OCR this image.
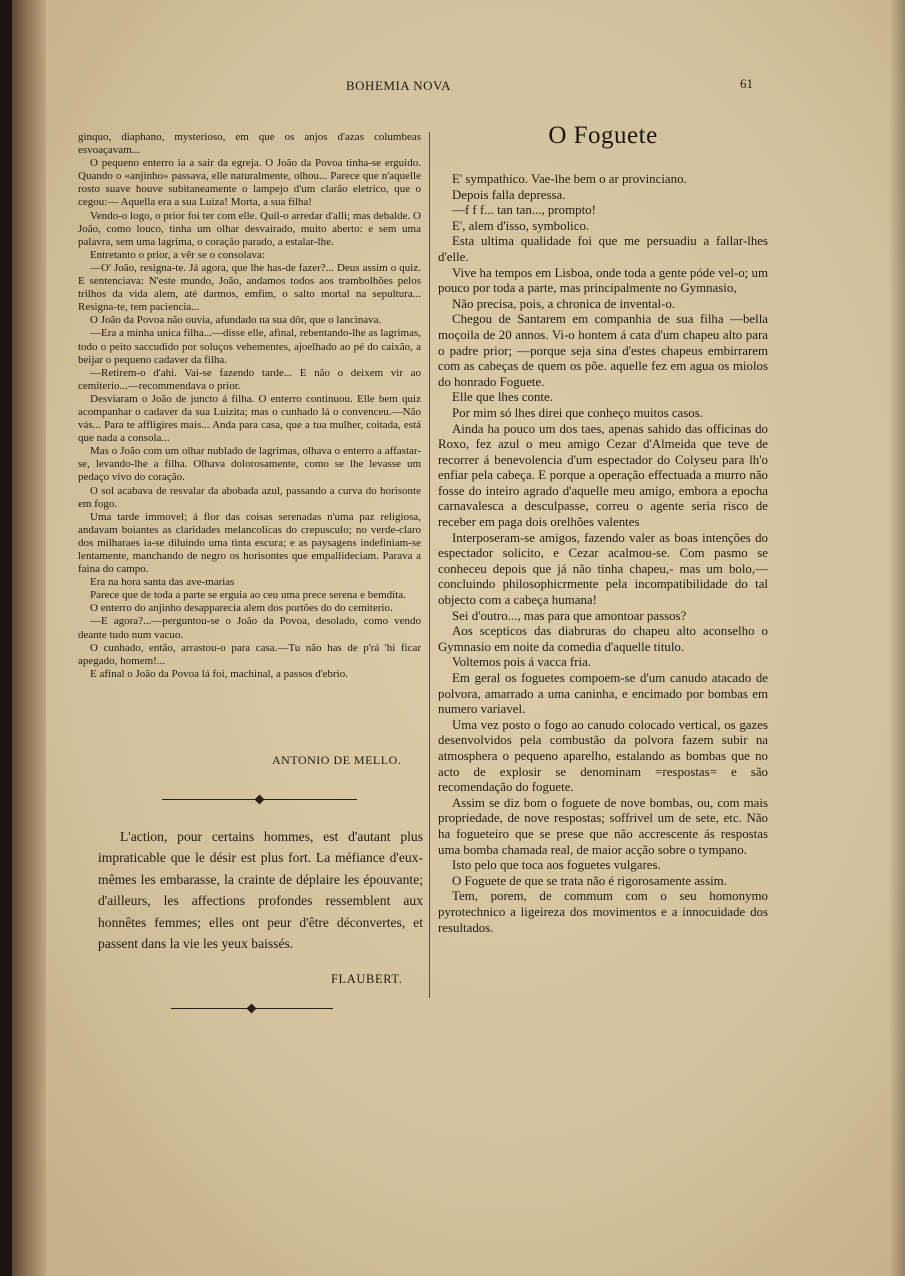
BOHEMIA NOVA	61

ginquo, diaphano, mysterioso, em que os anjos d'azas columbeas esvoaçavam...

O pequeno enterro ia a sair da egreja. O João da Povoa tinha-se erguido. Quando o «anjinho» passava, elle naturalmente, olhou... Parece que n'aquelle rosto suave houve subitaneamente o lampejo d'um clarão eletrico, que o cegou:— Aquella era a sua Luiza! Morta, a sua filha!

Vendo-o logo, o prior foi ter com elle. Quil-o arredar d'alli; mas debalde. O João, como louco, tinha um olhar desvairado, muito aberto: e sem uma palavra, sem uma lagrima, o coração parado, a estalar-lhe.

Entretanto o prior, a vêr se o consolava:

—O' João, resigna-te. Já agora, que lhe has-de fazer?... Deus assim o quiz. E sentenciava: N'este mundo, João, andamos todos aos trambolhões pelos trilhos da vida alem, até darmos, emfim, o salto mortal na sepultura... Resigna-te, tem paciencia...

O João da Povoa não ouvia, afundado na sua dôr, que o lancinava.

—Era a minha unica filha...—disse elle, afinal, rebentando-lhe as lagrimas, todo o peito saccudido por soluços vehementes, ajoelhado ao pé do caixão, a beijar o pequeno cadaver da filha.

—Retirem-o d'ahi. Vai-se fazendo tarde... E não o deixem vir ao cemiterio...—recommendava o prior.

Desviaram o João de juncto á filha. O enterro continuou. Elle bem quiz acompanhar o cadaver da sua Luizita; mas o cunhado lá o convenceu.—Não vás... Para te affligires mais... Anda para casa, que a tua mulher, coitada, está que nada a consola...

Mas o João com um olhar nublado de lagrimas, olhava o enterro a affastar-se, levando-lhe a filha. Olhava dolorosamente, como se lhe levasse um pedaço vivo do coração.

O sol acabava de resvalar da abobada azul, passando a curva do horisonte em fogo.

Uma tarde immovel; á flor das coisas serenadas n'uma paz religiosa, andavam boiantes as claridades melancolicas do crepusculo; no verde-claro dos milharaes ia-se diluindo uma tinta escura; e as paysagens indefiniam-se lentamente, manchando de negro os horisontes que empallideciam. Parava a faina do campo.

Era na hora santa das ave-marias

Parece que de toda a parte se erguia ao ceu uma prece serena e bemdita.

O enterro do anjinho desapparecia alem dos portões do do cemiterio.

—E agora?...—perguntou-se o João da Povoa, desolado, como vendo deante tudo num vacuo.

O cunhado, então, arrastou-o para casa.—Tu não has de p'rá 'hi ficar apegado, homem!...

E afinal o João da Povoa lá foi, machinal, a passos d'ebrio.

ANTONIO DE MELLO.

L'action, pour certains hommes, est d'autant plus impraticable que le désir est plus fort. La méfiance d'eux-mêmes les embarasse, la crainte de déplaire les épouvante; d'ailleurs, les affections profondes ressemblent aux honnêtes femmes; elles ont peur d'être déconvertes, et passent dans la vie les yeux baissés.

FLAUBERT.
O Foguete

E' sympathico. Vae-lhe bem o ar provinciano.

Depois falla depressa.

—f f f... tan tan..., prompto!

E', alem d'isso, symbolico.

Esta ultima qualidade foi que me persuadiu a fallar-lhes d'elle.

Vive ha tempos em Lisboa, onde toda a gente póde vel-o; um pouco por toda a parte, mas principalmente no Gymnasio,

Não precisa, pois, a chronica de invental-o.

Chegou de Santarem em companhia de sua filha —bella moçoila de 20 annos. Vi-o hontem á cata d'um chapeu alto para o padre prior; —porque seja sina d'estes chapeus embirrarem com as cabeças de quem os põe. aquelle fez em agua os miolos do honrado Foguete.

Elle que lhes conte.

Por mim só lhes direi que conheço muitos casos.

Ainda ha pouco um dos taes, apenas sahido das officinas do Roxo, fez azul o meu amigo Cezar d'Almeida que teve de recorrer á benevolencia d'um espectador do Colyseu para lh'o enfiar pela cabeça. E porque a operação effectuada a murro não fosse do inteiro agrado d'aquelle meu amigo, embora a epocha carnavalesca a desculpasse, correu o agente seria risco de receber em paga dois orelhões valentes

Interposeram-se amigos, fazendo valer as boas intenções do espectador solicito, e Cezar acalmou-se. Com pasmo se conheceu depois que já não tinha chapeu,- mas um bolo,—concluindo philosophicrmente pela incompatibilidade do tal objecto com a cabeça humana!

Sei d'outro..., mas para que amontoar passos?

Aos scepticos das diabruras do chapeu alto aconselho o Gymnasio em noite da comedia d'aquelle titulo.

Voltemos pois á vacca fria.

Em geral os foguetes compoem-se d'um canudo atacado de polvora, amarrado a uma caninha, e encimado por bombas em numero variavel.

Uma vez posto o fogo ao canudo colocado vertical, os gazes desenvolvidos pela combustão da polvora fazem subir na atmosphera o pequeno aparelho, estalando as bombas que no acto de explosir se denominam =respostas= e são recomendação do foguete.

Assim se diz bom o foguete de nove bombas, ou, com mais propriedade, de nove respostas; soffrivel um de sete, etc. Não ha fogueteiro que se prese que não accrescente ás respostas uma bomba chamada real, de maior acção sobre o tympano.

Isto pelo que toca aos foguetes vulgares.

O Foguete de que se trata não é rigorosamente assim.

Tem, porem, de commum com o seu homonymo pyrotechnico a ligeireza dos movimentos e a innocuidade dos resultados.
